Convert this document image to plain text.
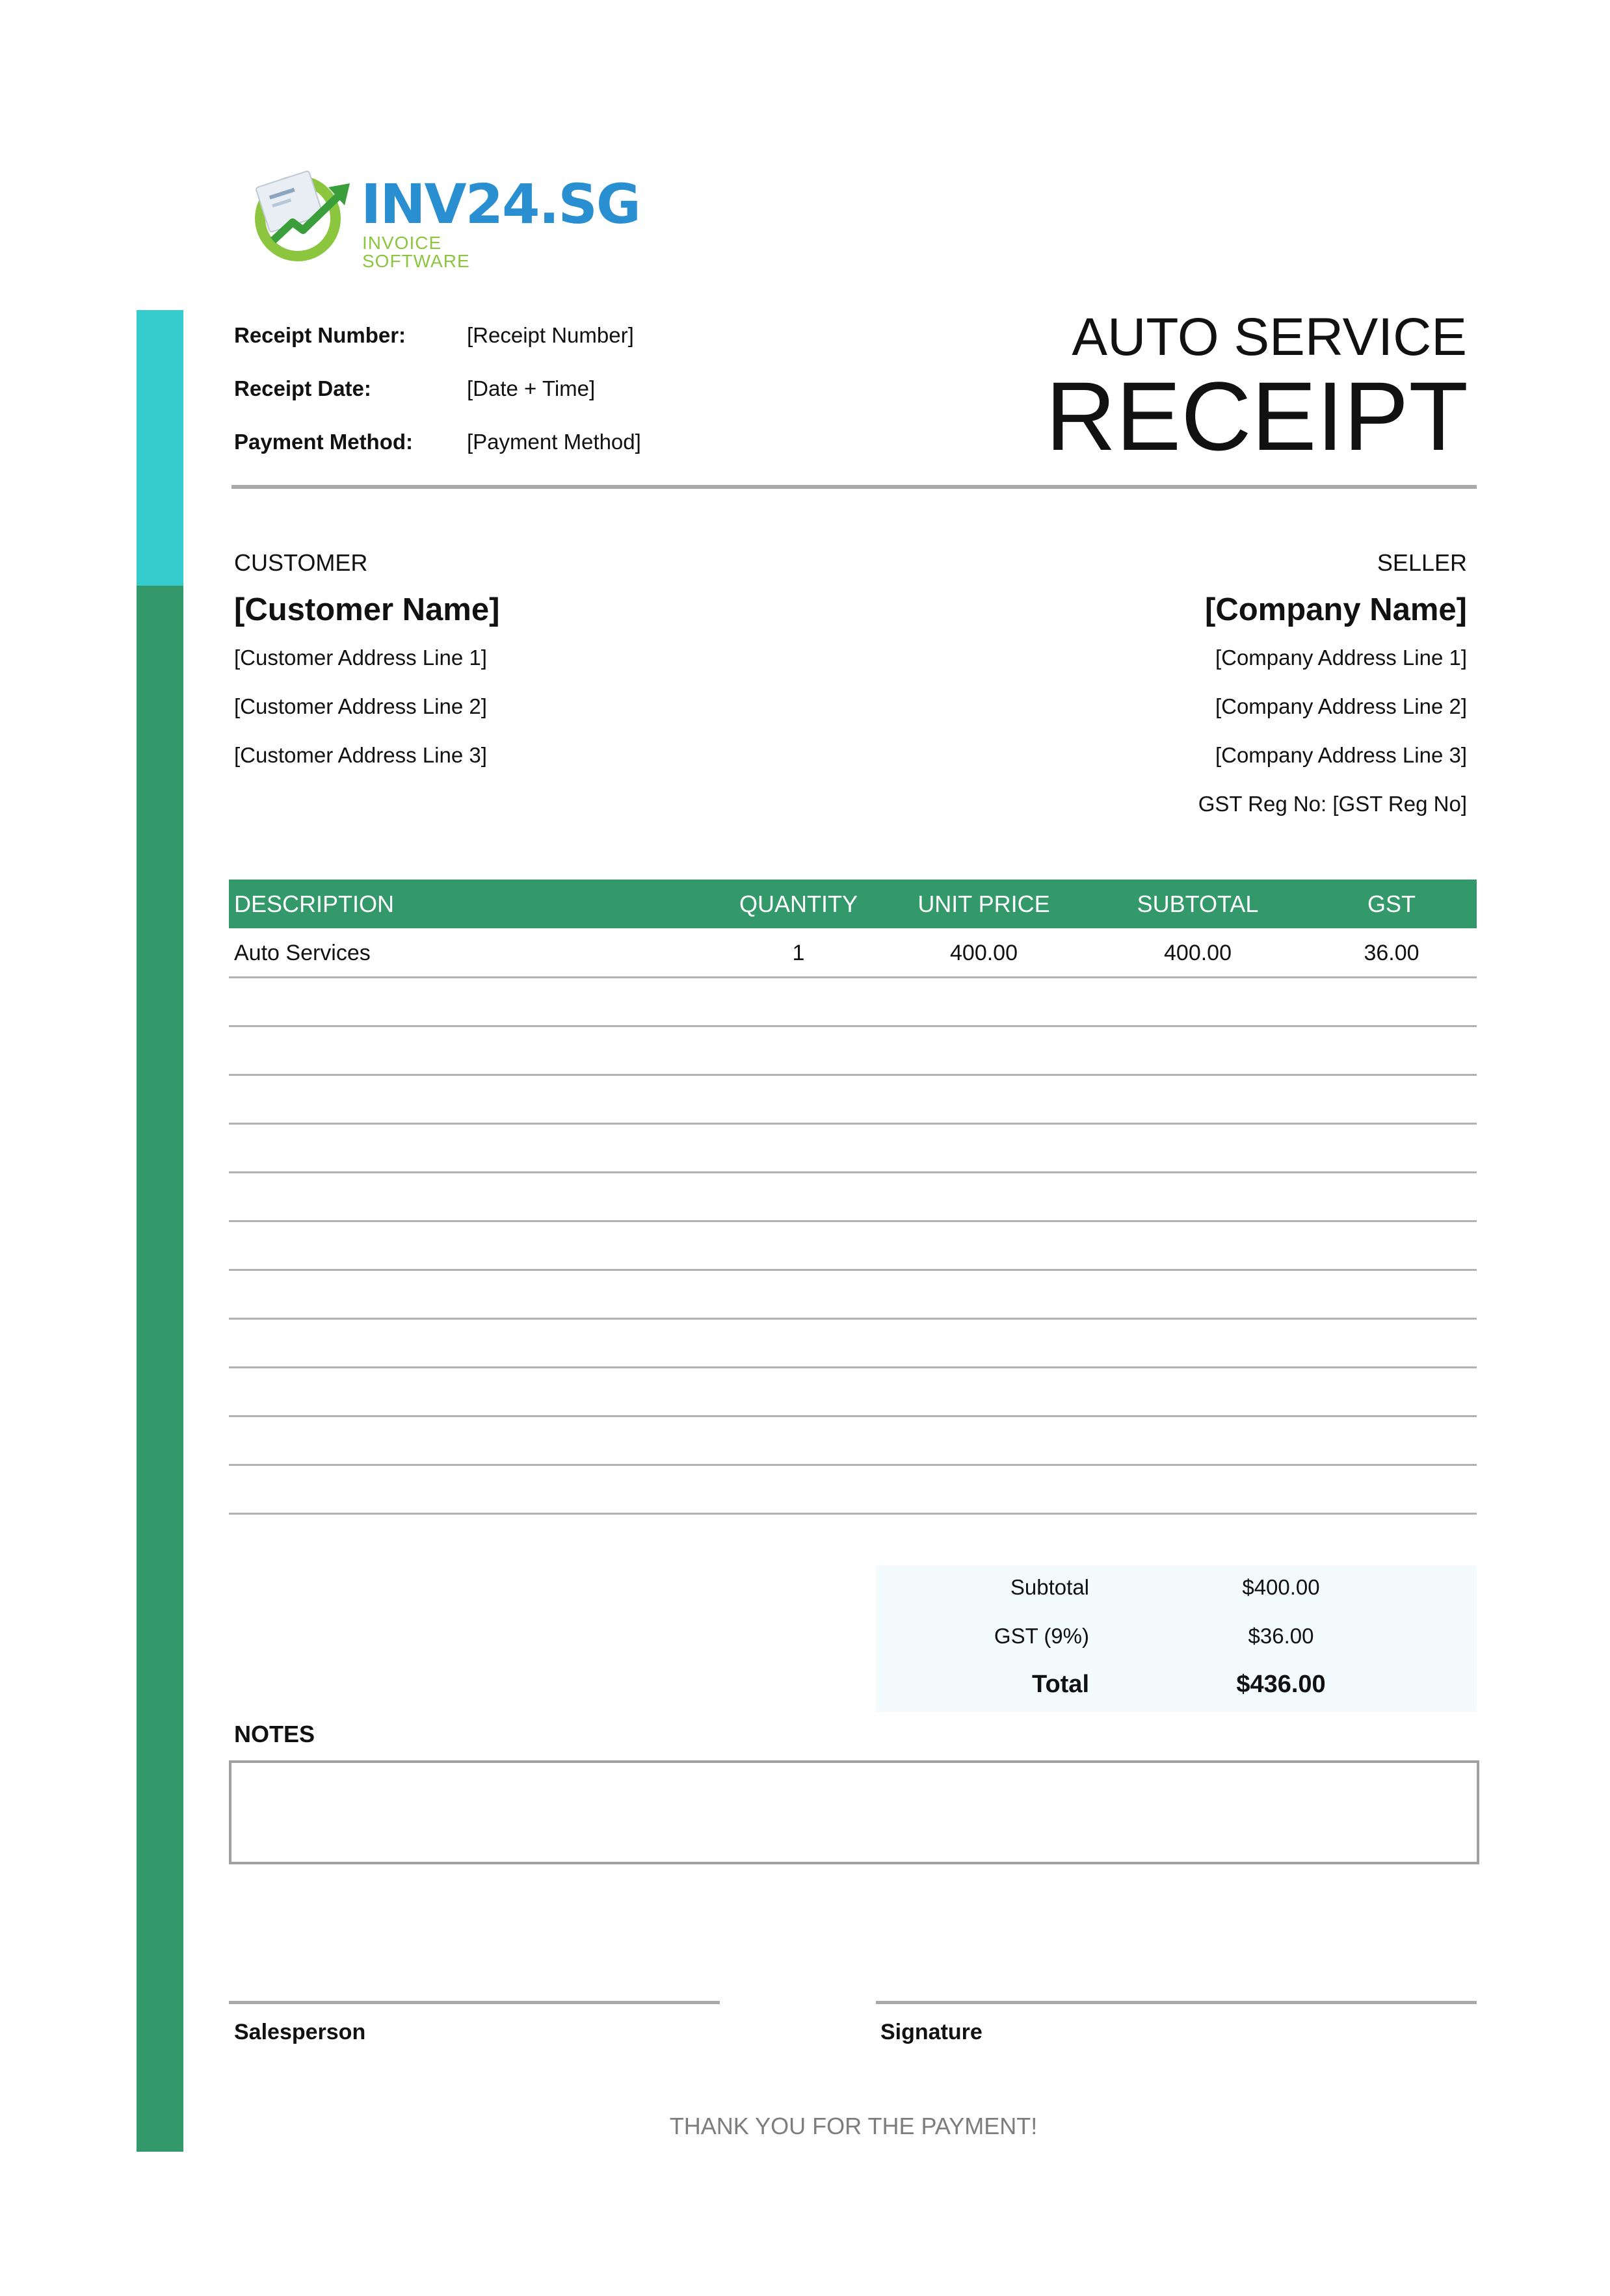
INV24.SG
INVOICE SOFTWARE
Receipt Number:	[Receipt Number]
Receipt Date:	[Date + Time]
Payment Method:	[Payment Method]
AUTO SERVICE
RECEIPT
CUSTOMER
[Customer Name]
[Customer Address Line 1]
[Customer Address Line 2]
[Customer Address Line 3]
SELLER
[Company Name]
[Company Address Line 1]
[Company Address Line 2]
[Company Address Line 3]
GST Reg No: [GST Reg No]
DESCRIPTION	QUANTITY	UNIT PRICE	SUBTOTAL	GST
Auto Services	1	400.00	400.00	36.00
Subtotal	$400.00
GST (9%)	$36.00
Total	$436.00
NOTES
Salesperson	Signature
THANK YOU FOR THE PAYMENT!
